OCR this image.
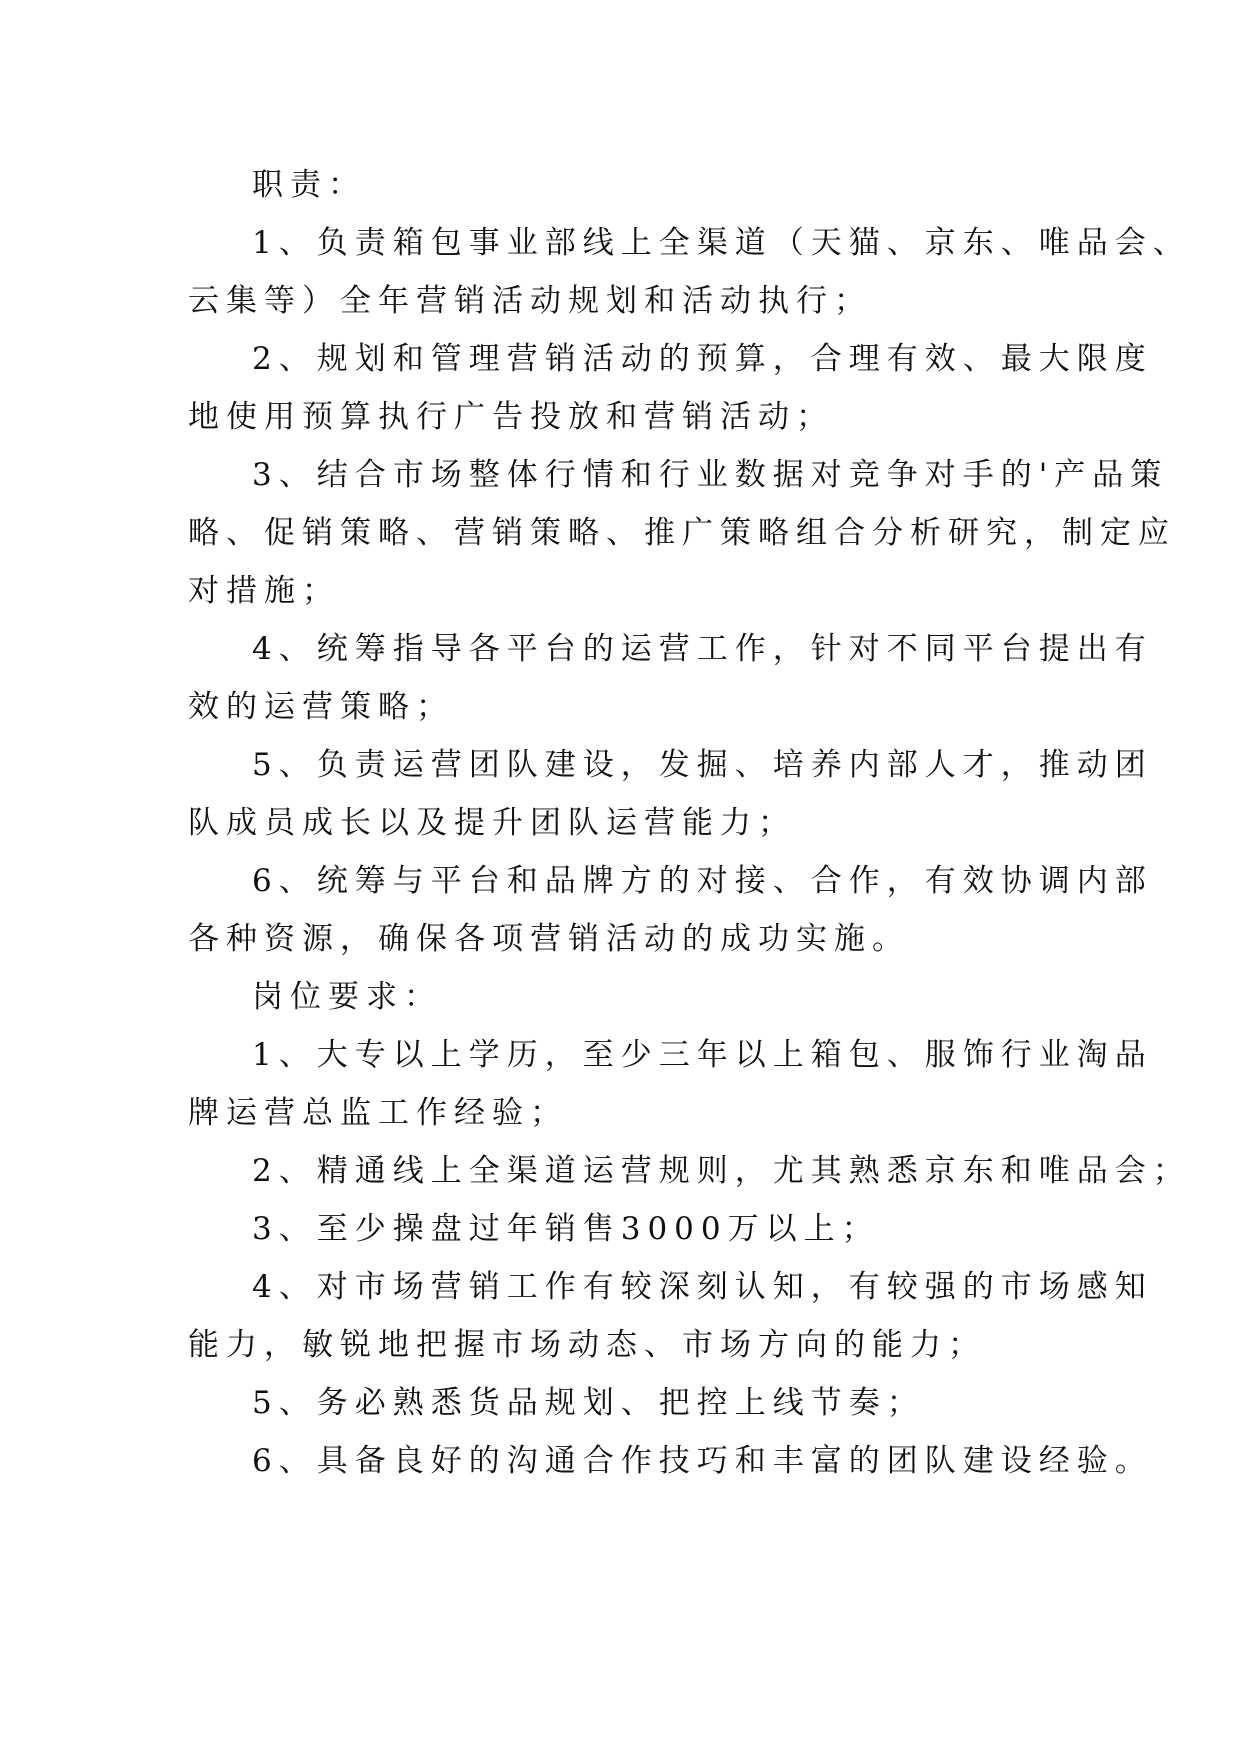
职责：
1、负责箱包事业部线上全渠道（天猫、京东、唯品会、
云集等）全年营销活动规划和活动执行；
2、规划和管理营销活动的预算，合理有效、最大限度
地使用预算执行广告投放和营销活动；
3、结合市场整体行情和行业数据对竞争对手的'产品策
略、促销策略、营销策略、推广策略组合分析研究，制定应
对措施；
4、统筹指导各平台的运营工作，针对不同平台提出有
效的运营策略；
5、负责运营团队建设，发掘、培养内部人才，推动团
队成员成长以及提升团队运营能力；
6、统筹与平台和品牌方的对接、合作，有效协调内部
各种资源，确保各项营销活动的成功实施。
岗位要求：
1、大专以上学历，至少三年以上箱包、服饰行业淘品
牌运营总监工作经验；
2、精通线上全渠道运营规则，尤其熟悉京东和唯品会；
3、至少操盘过年销售3000万以上；
4、对市场营销工作有较深刻认知，有较强的市场感知
能力，敏锐地把握市场动态、市场方向的能力；
5、务必熟悉货品规划、把控上线节奏；
6、具备良好的沟通合作技巧和丰富的团队建设经验。
